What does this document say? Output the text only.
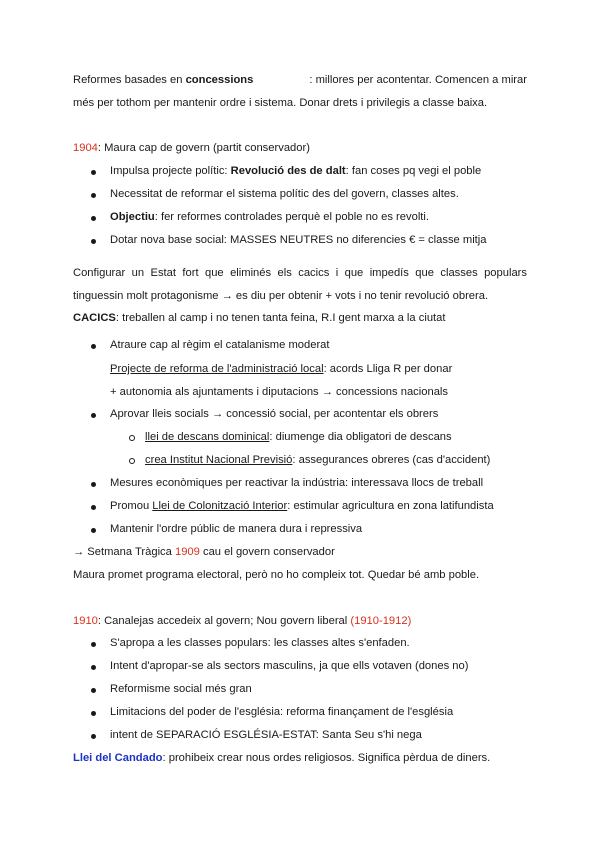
Reformes basades en concessions	: millores per acontentar. Comencen a mirar
més per tothom per mantenir ordre i sistema. Donar drets i privilegis a classe baixa.
1904: Maura cap de govern (partit conservador)
Impulsa projecte polític: Revolució des de dalt: fan coses pq vegi el poble
Necessitat de reformar el sistema polític des del govern, classes altes.
Objectiu: fer reformes controlades perquè el poble no es revolti.
Dotar nova base social: MASSES NEUTRES no diferencies € = classe mitja
Configurar un Estat fort que eliminés els cacics i que impedís que classes populars
tinguessin molt protagonisme → es diu per obtenir + vots i no tenir revolució obrera.
CACICS: treballen al camp i no tenen tanta feina, R.I gent marxa a la ciutat
Atraure cap al règim el catalanisme moderat
Projecte de reforma de l'administració local: acords Lliga R per donar
+ autonomia als ajuntaments i diputacions → concessions nacionals
Aprovar lleis socials → concessió social, per acontentar els obrers
llei de descans dominical: diumenge dia obligatori de descans
crea Institut Nacional Previsió: assegurances obreres (cas d'accident)
Mesures econòmiques per reactivar la indústria: interessava llocs de treball
Promou Llei de Colonització Interior: estimular agricultura en zona latifundista
Mantenir l'ordre públic de manera dura i repressiva
→ Setmana Tràgica 1909 cau el govern conservador
Maura promet programa electoral, però no ho compleix tot. Quedar bé amb poble.
1910: Canalejas accedeix al govern; Nou govern liberal (1910-1912)
S'apropa a les classes populars: les classes altes s'enfaden.
Intent d'apropar-se als sectors masculins, ja que ells votaven (dones no)
Reformisme social més gran
Limitacions del poder de l'església: reforma finançament de l'església
intent de SEPARACIÓ ESGLÉSIA-ESTAT: Santa Seu s'hi nega
Llei del Candado: prohibeix crear nous ordes religiosos. Significa pèrdua de diners.
